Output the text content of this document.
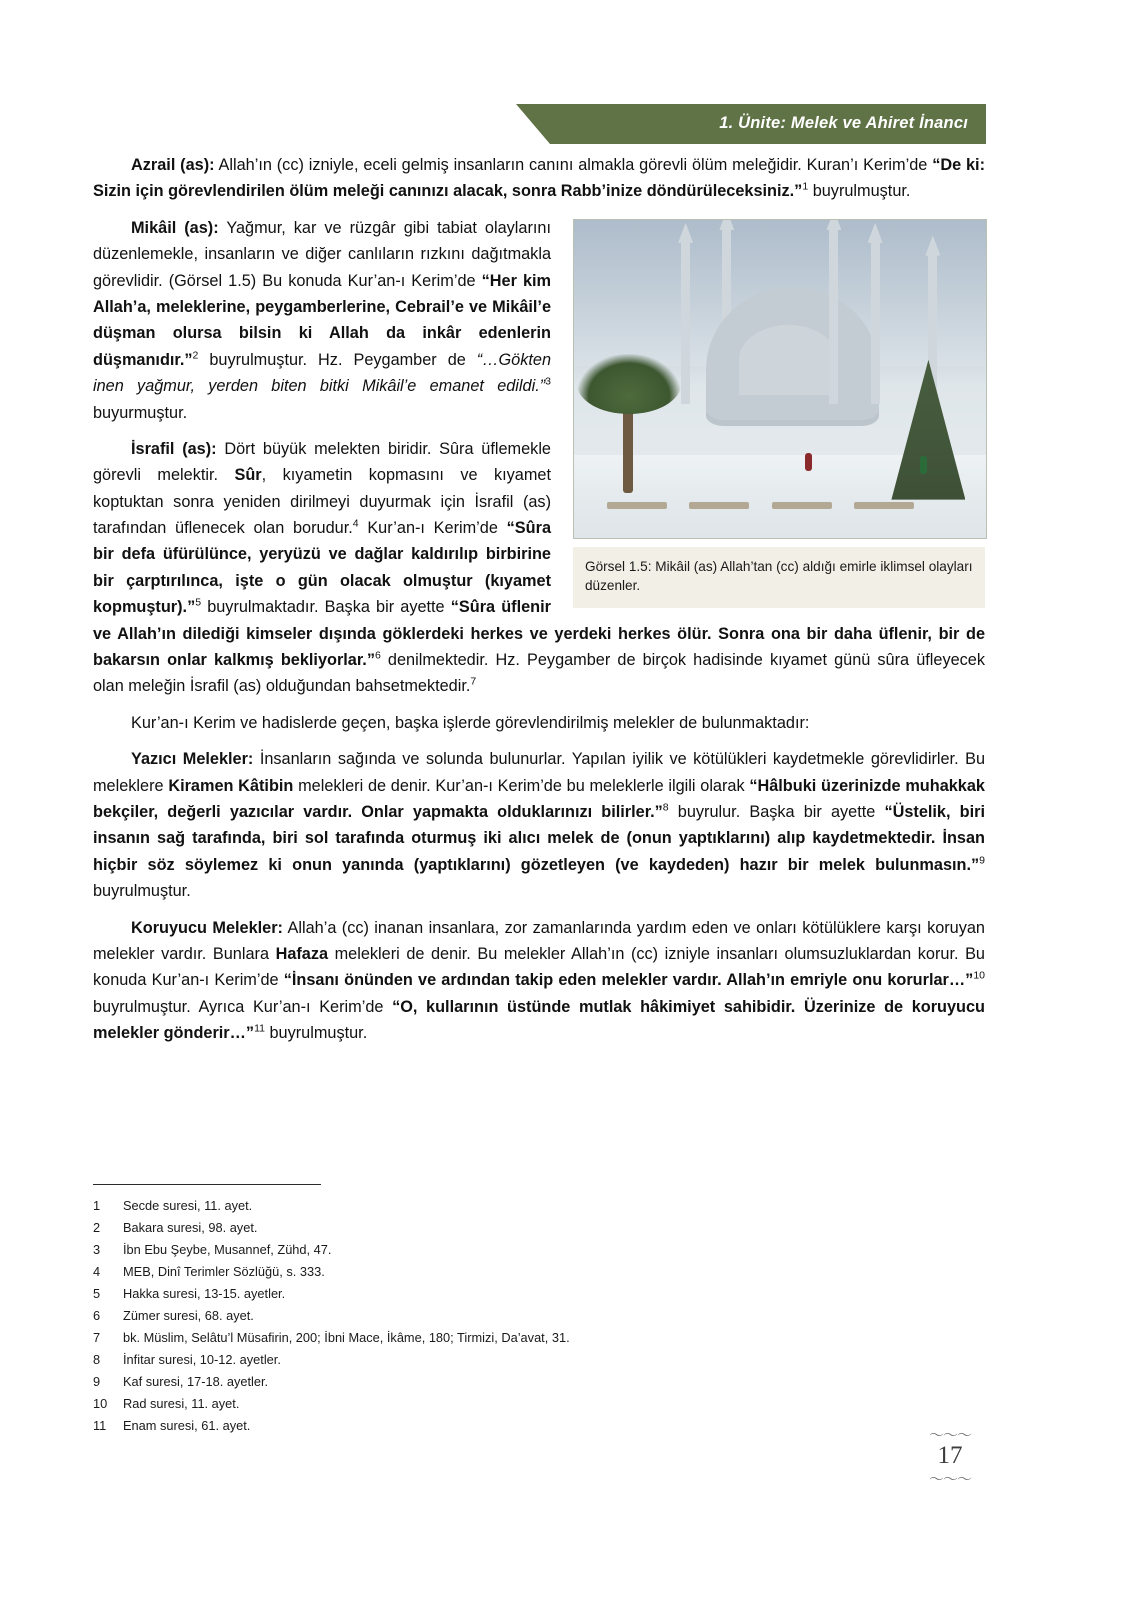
1. Ünite: Melek ve Ahiret İnancı

Azrail (as): Allah’ın (cc) izniyle, eceli gelmiş insanların canını almakla görevli ölüm meleğidir. Kuran’ı Kerim’de “De ki: Sizin için görevlendirilen ölüm meleği canınızı alacak, sonra Rabb’inize döndürüleceksiniz.”$^1$ buyrulmuştur.

Görsel 1.5: Mikâil (as) Allah’tan (cc) aldığı emirle iklimsel olayları düzenler.

Mikâil (as): Yağmur, kar ve rüzgâr gibi tabiat olaylarını düzenlemekle, insanların ve diğer canlıların rızkını dağıtmakla görevlidir. (Görsel 1.5) Bu konuda Kur’an-ı Kerim’de “Her kim Allah’a, meleklerine, peygamberlerine, Cebrail’e ve Mikâil’e düşman olursa bilsin ki Allah da inkâr edenlerin düşmanıdır.”$^2$ buyrulmuştur. Hz. Peygamber de “…Gökten inen yağmur, yerden biten bitki Mikâil’e emanet edildi.”$^3$ buyurmuştur.

İsrafil (as): Dört büyük melekten biridir. Sûra üflemekle görevli melektir. Sûr, kıyametin kopmasını ve kıyamet koptuktan sonra yeniden dirilmeyi duyurmak için İsrafil (as) tarafından üflenecek olan borudur.$^4$ Kur’an-ı Kerim’de “Sûra bir defa üfürülünce, yeryüzü ve dağlar kaldırılıp birbirine bir çarptırılınca, işte o gün olacak olmuştur (kıyamet kopmuştur).”$^5$ buyrulmaktadır. Başka bir ayette “Sûra üflenir ve Allah’ın dilediği kimseler dışında göklerdeki herkes ve yerdeki herkes ölür. Sonra ona bir daha üflenir, bir de bakarsın onlar kalkmış bekliyorlar.”$^6$ denilmektedir. Hz. Peygamber de birçok hadisinde kıyamet günü sûra üfleyecek olan meleğin İsrafil (as) olduğundan bahsetmektedir.$^7$

Kur’an-ı Kerim ve hadislerde geçen, başka işlerde görevlendirilmiş melekler de bulunmaktadır:

Yazıcı Melekler: İnsanların sağında ve solunda bulunurlar. Yapılan iyilik ve kötülükleri kaydetmekle görevlidirler. Bu meleklere Kiramen Kâtibin melekleri de denir. Kur’an-ı Kerim’de bu meleklerle ilgili olarak “Hâlbuki üzerinizde muhakkak bekçiler, değerli yazıcılar vardır. Onlar yapmakta olduklarınızı bilirler.”$^8$ buyrulur. Başka bir ayette “Üstelik, biri insanın sağ tarafında, biri sol tarafında oturmuş iki alıcı melek de (onun yaptıklarını) alıp kaydetmektedir. İnsan hiçbir söz söylemez ki onun yanında (yaptıklarını) gözetleyen (ve kaydeden) hazır bir melek bulunmasın.”$^9$ buyrulmuştur.

Koruyucu Melekler: Allah’a (cc) inanan insanlara, zor zamanlarında yardım eden ve onları kötülüklere karşı koruyan melekler vardır. Bunlara Hafaza melekleri de denir. Bu melekler Allah’ın (cc) izniyle insanları olumsuzluklardan korur. Bu konuda Kur’an-ı Kerim’de “İnsanı önünden ve ardından takip eden melekler vardır. Allah’ın emriyle onu korurlar…”$^{10}$ buyrulmuştur. Ayrıca Kur’an-ı Kerim’de “O, kullarının üstünde mutlak hâkimiyet sahibidir. Üzerinize de koruyucu melekler gönderir…”$^{11}$ buyrulmuştur.

1	Secde suresi, 11. ayet.
2	Bakara suresi, 98. ayet.
3	İbn Ebu Şeybe, Musannef, Zühd, 47.
4	MEB, Dinî Terimler Sözlüğü, s. 333.
5	Hakka suresi, 13-15. ayetler.
6	Zümer suresi, 68. ayet.
7	bk. Müslim, Selâtu’l Müsafirin, 200; İbni Mace, İkâme, 180; Tirmizi, Da’avat, 31.
8	İnfitar suresi, 10-12. ayetler.
9	Kaf suresi, 17-18. ayetler.
10	Rad suresi, 11. ayet.
11	Enam suresi, 61. ayet.
〜〜〜
17
〜〜〜
